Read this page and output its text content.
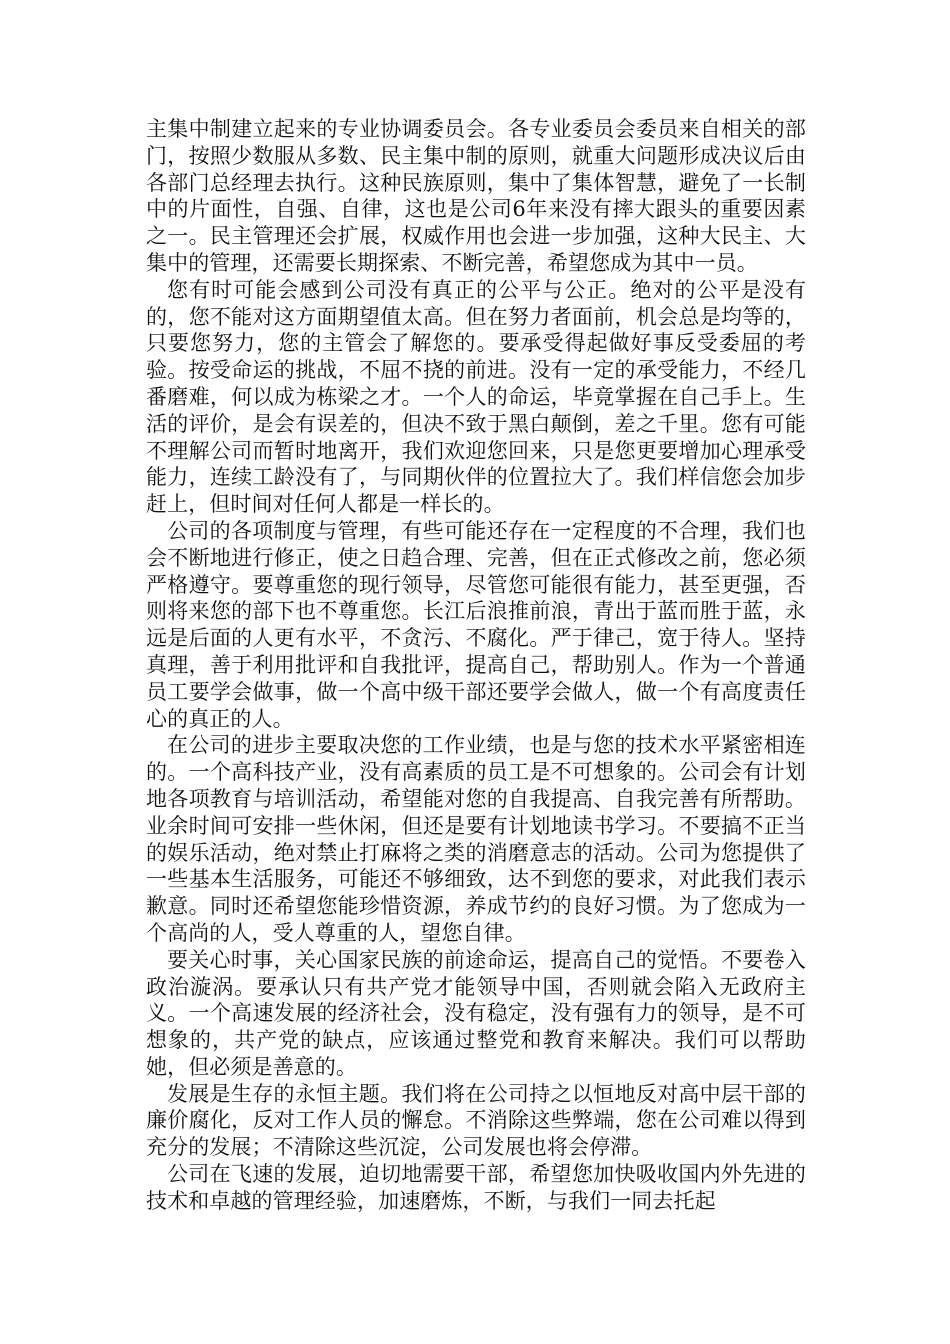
主集中制建立起来的专业协调委员会。各专业委员会委员来自相关的部门，按照少数服从多数、民主集中制的原则，就重大问题形成决议后由各部门总经理去执行。这种民族原则，集中了集体智慧，避免了一长制中的片面性，自强、自律，这也是公司6年来没有摔大跟头的重要因素之一。民主管理还会扩展，权威作用也会进一步加强，这种大民主、大集中的管理，还需要长期探索、不断完善，希望您成为其中一员。

您有时可能会感到公司没有真正的公平与公正。绝对的公平是没有的，您不能对这方面期望值太高。但在努力者面前，机会总是均等的，只要您努力，您的主管会了解您的。要承受得起做好事反受委屈的考验。按受命运的挑战，不屈不挠的前进。没有一定的承受能力，不经几番磨难，何以成为栋梁之才。一个人的命运，毕竟掌握在自己手上。生活的评价，是会有误差的，但决不致于黑白颠倒，差之千里。您有可能不理解公司而暂时地离开，我们欢迎您回来，只是您更要增加心理承受能力，连续工龄没有了，与同期伙伴的位置拉大了。我们样信您会加步赶上，但时间对任何人都是一样长的。

公司的各项制度与管理，有些可能还存在一定程度的不合理，我们也会不断地进行修正，使之日趋合理、完善，但在正式修改之前，您必须严格遵守。要尊重您的现行领导，尽管您可能很有能力，甚至更强，否则将来您的部下也不尊重您。长江后浪推前浪，青出于蓝而胜于蓝，永远是后面的人更有水平，不贪污、不腐化。严于律己，宽于待人。坚持真理，善于利用批评和自我批评，提高自己，帮助别人。作为一个普通员工要学会做事，做一个高中级干部还要学会做人，做一个有高度责任心的真正的人。

在公司的进步主要取决您的工作业绩，也是与您的技术水平紧密相连的。一个高科技产业，没有高素质的员工是不可想象的。公司会有计划地各项教育与培训活动，希望能对您的自我提高、自我完善有所帮助。业余时间可安排一些休闲，但还是要有计划地读书学习。不要搞不正当的娱乐活动，绝对禁止打麻将之类的消磨意志的活动。公司为您提供了一些基本生活服务，可能还不够细致，达不到您的要求，对此我们表示歉意。同时还希望您能珍惜资源，养成节约的良好习惯。为了您成为一个高尚的人，受人尊重的人，望您自律。

要关心时事，关心国家民族的前途命运，提高自己的觉悟。不要卷入政治漩涡。要承认只有共产党才能领导中国，否则就会陷入无政府主义。一个高速发展的经济社会，没有稳定，没有强有力的领导，是不可想象的，共产党的缺点，应该通过整党和教育来解决。我们可以帮助她，但必须是善意的。

发展是生存的永恒主题。我们将在公司持之以恒地反对高中层干部的廉价腐化，反对工作人员的懈怠。不消除这些弊端，您在公司难以得到充分的发展；不清除这些沉淀，公司发展也将会停滞。

公司在飞速的发展，迫切地需要干部，希望您加快吸收国内外先进的技术和卓越的管理经验，加速磨炼，不断，与我们一同去托起
